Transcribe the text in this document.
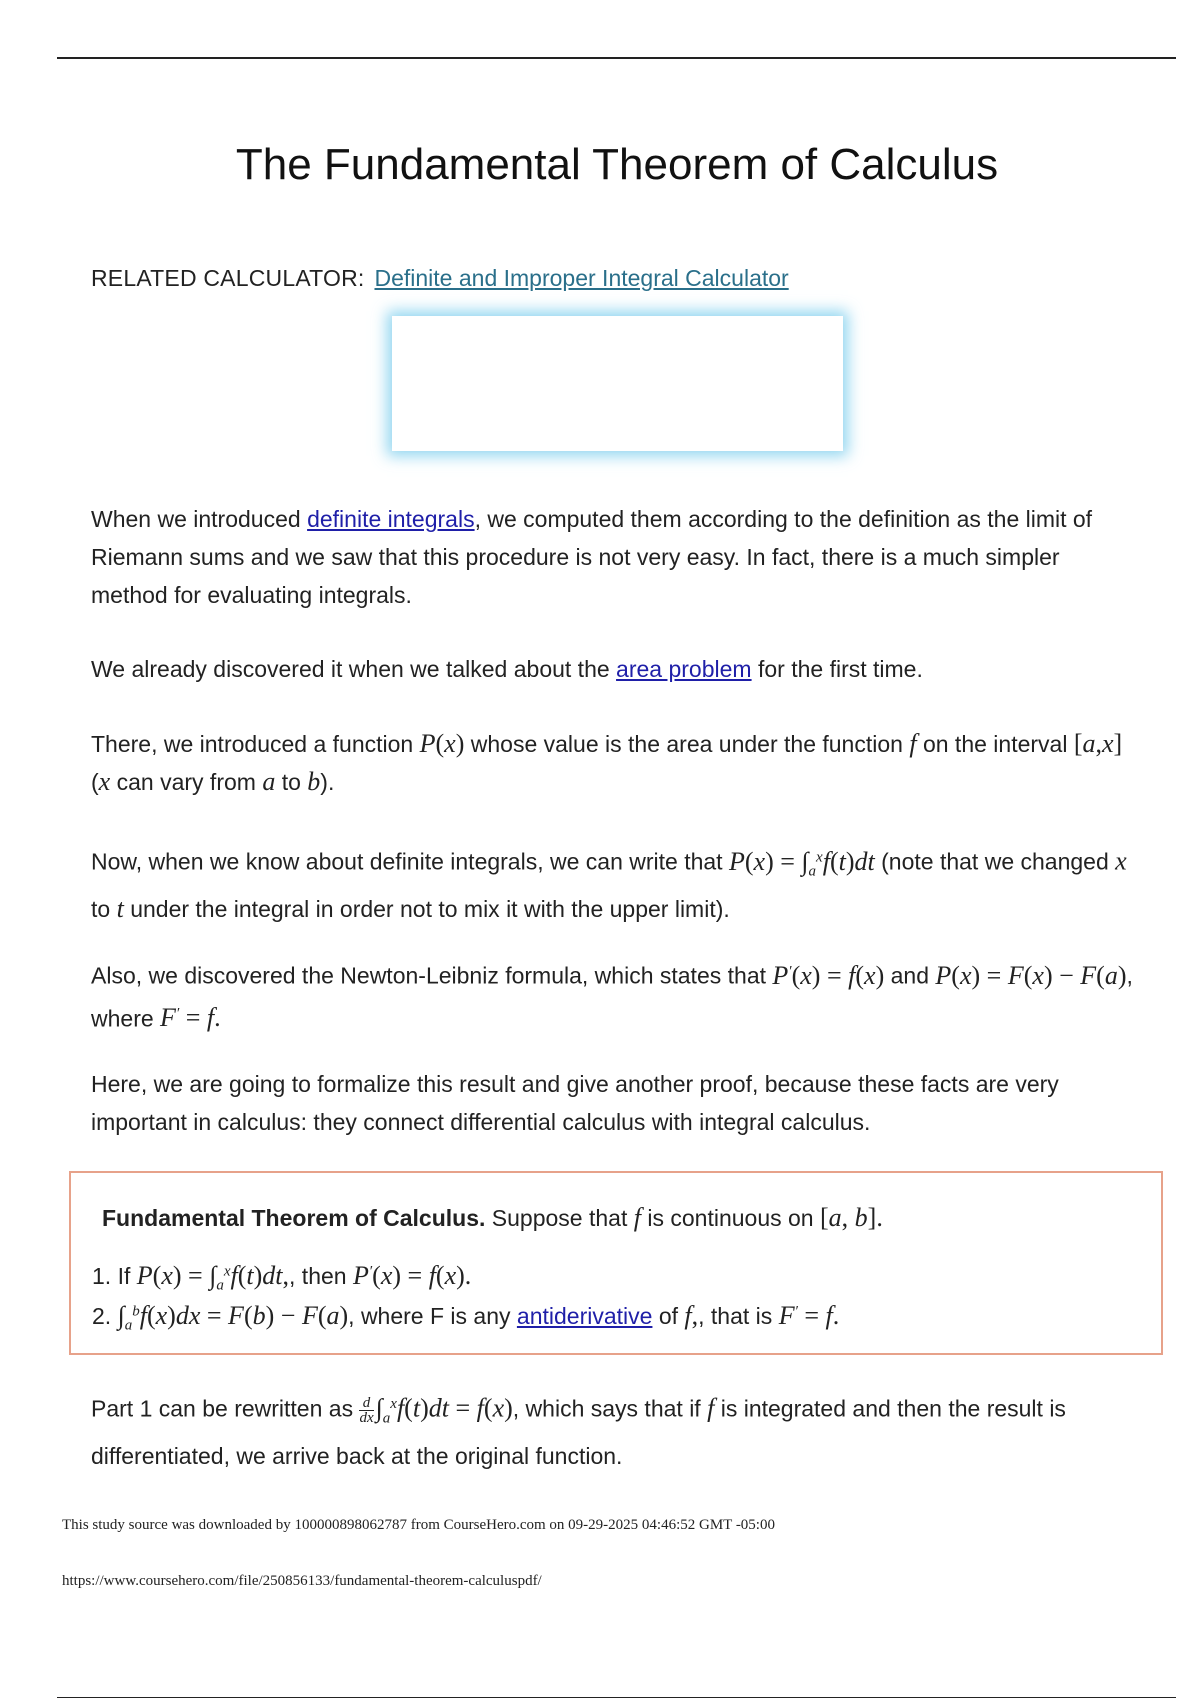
The Fundamental Theorem of Calculus
RELATED CALCULATOR: Definite and Improper Integral Calculator
When we introduced definite integrals, we computed them according to the definition as the limit of Riemann sums and we saw that this procedure is not very easy. In fact, there is a much simpler method for evaluating integrals.
We already discovered it when we talked about the area problem for the first time.
There, we introduced a function P(x) whose value is the area under the function f on the interval [a,x] (x can vary from a to b).
Now, when we know about definite integrals, we can write that $P(x) = \int_a^xf(t)dt$ (note that we changed x to t under the integral in order not to mix it with the upper limit).
Also, we discovered the Newton-Leibniz formula, which states that P′(x) = f(x) and P(x) = F(x) − F(a), where F′ = f.
Here, we are going to formalize this result and give another proof, because these facts are very important in calculus: they connect differential calculus with integral calculus.
Fundamental Theorem of Calculus. Suppose that f is continuous on [a, b].
1. If $P(x) = \int_a^xf(t)dt$,, then P′(x) = f(x).
2. $\int_a^bf(x)dx = F(b) - F(a)$, where F is any antiderivative of f,, that is F′ = f.
Part 1 can be rewritten as $\frac{d}{dx} \int_a^xf(t)dt = f(x)$, which says that if f is integrated and then the result is differentiated, we arrive back at the original function.
This study source was downloaded by 100000898062787 from CourseHero.com on 09-29-2025 04:46:52 GMT -05:00
https://www.coursehero.com/file/250856133/fundamental-theorem-calculuspdf/
